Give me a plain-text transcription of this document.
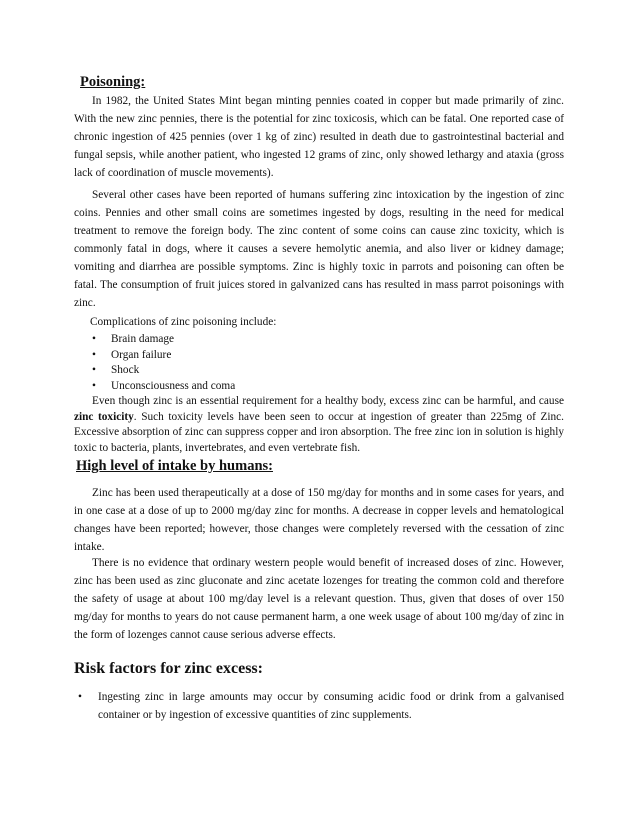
Poisoning:

In 1982, the United States Mint began minting pennies coated in copper but made primarily of zinc. With the new zinc pennies, there is the potential for zinc toxicosis, which can be fatal. One reported case of chronic ingestion of 425 pennies (over 1 kg of zinc) resulted in death due to gastrointestinal bacterial and fungal sepsis, while another patient, who ingested 12 grams of zinc, only showed lethargy and ataxia (gross lack of coordination of muscle movements).

Several other cases have been reported of humans suffering zinc intoxication by the ingestion of zinc coins. Pennies and other small coins are sometimes ingested by dogs, resulting in the need for medical treatment to remove the foreign body. The zinc content of some coins can cause zinc toxicity, which is commonly fatal in dogs, where it causes a severe hemolytic anemia, and also liver or kidney damage; vomiting and diarrhea are possible symptoms. Zinc is highly toxic in parrots and poisoning can often be fatal. The consumption of fruit juices stored in galvanized cans has resulted in mass parrot poisonings with zinc.

Complications of zinc poisoning include:
• Brain damage
• Organ failure
• Shock
• Unconsciousness and coma

Even though zinc is an essential requirement for a healthy body, excess zinc can be harmful, and cause zinc toxicity. Such toxicity levels have been seen to occur at ingestion of greater than 225mg of Zinc. Excessive absorption of zinc can suppress copper and iron absorption. The free zinc ion in solution is highly toxic to bacteria, plants, invertebrates, and even vertebrate fish.

High level of intake by humans:

Zinc has been used therapeutically at a dose of 150 mg/day for months and in some cases for years, and in one case at a dose of up to 2000 mg/day zinc for months. A decrease in copper levels and hematological changes have been reported; however, those changes were completely reversed with the cessation of zinc intake.

There is no evidence that ordinary western people would benefit of increased doses of zinc. However, zinc has been used as zinc gluconate and zinc acetate lozenges for treating the common cold and therefore the safety of usage at about 100 mg/day level is a relevant question. Thus, given that doses of over 150 mg/day for months to years do not cause permanent harm, a one week usage of about 100 mg/day of zinc in the form of lozenges cannot cause serious adverse effects.

Risk factors for zinc excess:
• Ingesting zinc in large amounts may occur by consuming acidic food or drink from a galvanised container or by ingestion of excessive quantities of zinc supplements.
